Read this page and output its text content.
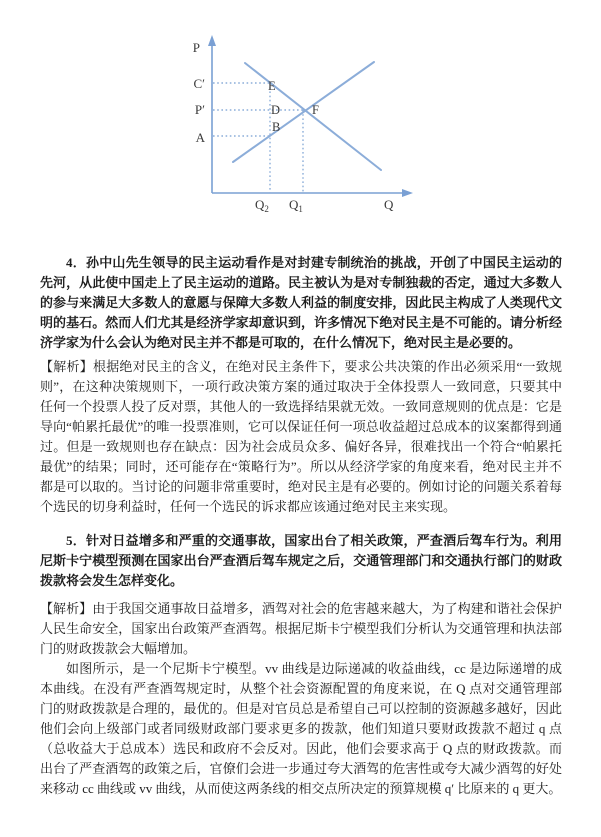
C′
P′
A
$Q_2$ $Q_1$
P
Q
E
D
B
F

4．孙中山先生领导的民主运动看作是对封建专制统治的挑战，开创了中国民主运动的先河，从此使中国走上了民主运动的道路。民主被认为是对专制独裁的否定，通过大多数人的参与来满足大多数人的意愿与保障大多数人利益的制度安排，因此民主构成了人类现代文明的基石。然而人们尤其是经济学家却意识到，许多情况下绝对民主是不可能的。请分析经济学家为什么会认为绝对民主并不都是可取的，在什么情况下，绝对民主是必要的。

【解析】根据绝对民主的含义，在绝对民主条件下，要求公共决策的作出必须采用“一致规则”，在这种决策规则下，一项行政决策方案的通过取决于全体投票人一致同意，只要其中任何一个投票人投了反对票，其他人的一致选择结果就无效。一致同意规则的优点是：它是导向“帕累托最优”的唯一投票准则，它可以保证任何一项总收益超过总成本的议案都得到通过。但是一致规则也存在缺点：因为社会成员众多、偏好各异，很难找出一个符合“帕累托最优”的结果；同时，还可能存在“策略行为”。所以从经济学家的角度来看，绝对民主并不都是可以取的。当讨论的问题非常重要时，绝对民主是有必要的。例如讨论的问题关系着每个选民的切身利益时，任何一个选民的诉求都应该通过绝对民主来实现。

5．针对日益增多和严重的交通事故，国家出台了相关政策，严查酒后驾车行为。利用尼斯卡宁模型预测在国家出台严查酒后驾车规定之后，交通管理部门和交通执行部门的财政拨款将会发生怎样变化。

【解析】由于我国交通事故日益增多，酒驾对社会的危害越来越大，为了构建和谐社会保护人民生命安全，国家出台政策严查酒驾。根据尼斯卡宁模型我们分析认为交通管理和执法部门的财政拨款会大幅增加。

如图所示，是一个尼斯卡宁模型。vv 曲线是边际递减的收益曲线，cc 是边际递增的成本曲线。在没有严查酒驾规定时，从整个社会资源配置的角度来说，在 Q 点对交通管理部门的财政拨款是合理的，最优的。但是对官员总是希望自己可以控制的资源越多越好，因此他们会向上级部门或者同级财政部门要求更多的拨款，他们知道只要财政拨款不超过 q 点（总收益大于总成本）选民和政府不会反对。因此，他们会要求高于 Q 点的财政拨款。而出台了严查酒驾的政策之后，官僚们会进一步通过夸大酒驾的危害性或夸大减少酒驾的好处来移动 cc 曲线或 vv 曲线，从而使这两条线的相交点所决定的预算规模 q′ 比原来的 q 更大。
